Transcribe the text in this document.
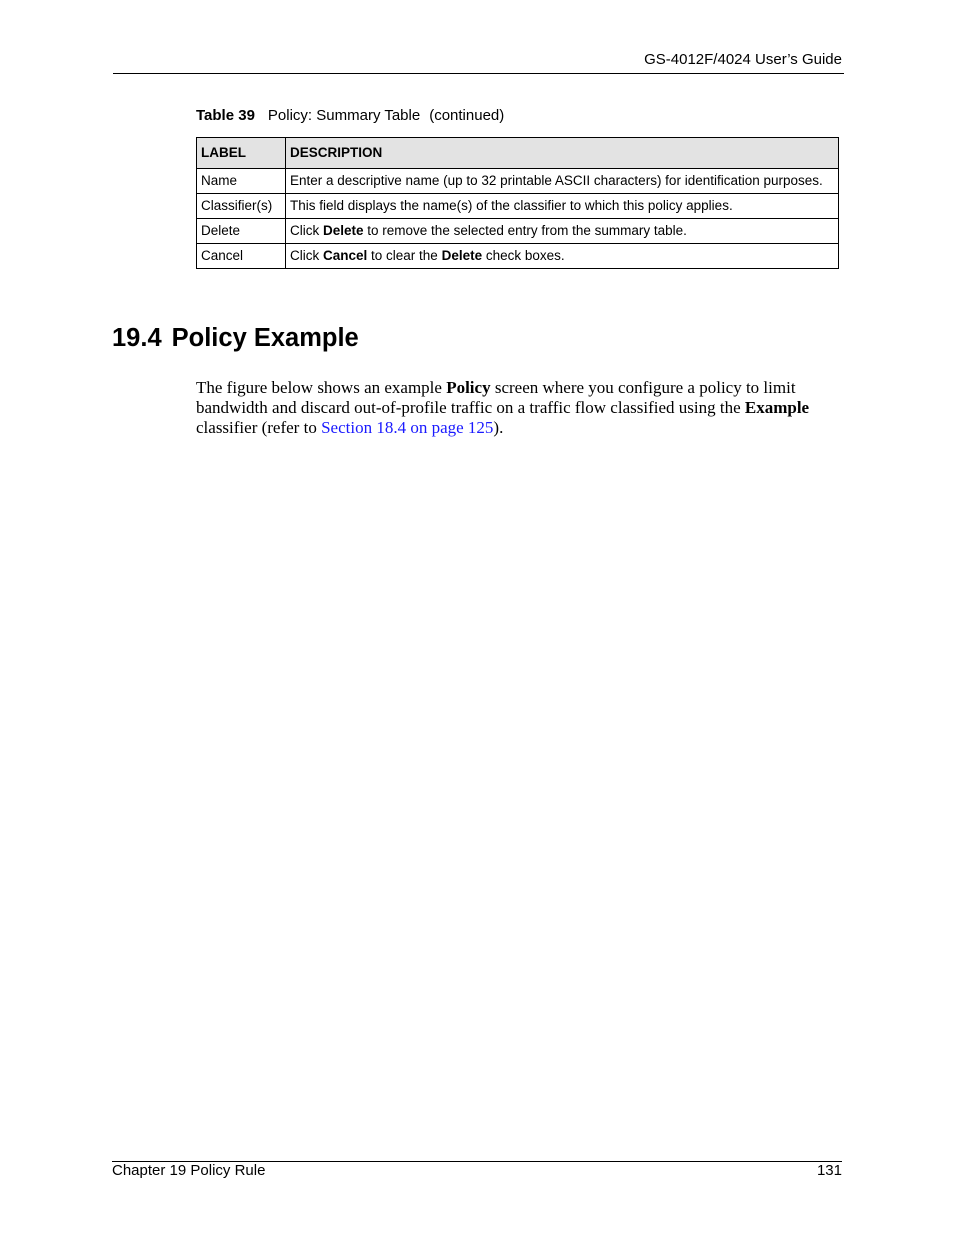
GS-4012F/4024 User’s Guide
Table 39 Policy: Summary Table (continued)
LABEL	DESCRIPTION
Name	Enter a descriptive name (up to 32 printable ASCII characters) for identification purposes.
Classifier(s)	This field displays the name(s) of the classifier to which this policy applies.
Delete	Click Delete to remove the selected entry from the summary table.
Cancel	Click Cancel to clear the Delete check boxes.
19.4 Policy Example
The figure below shows an example Policy screen where you configure a policy to limit bandwidth and discard out-of-profile traffic on a traffic flow classified using the Example classifier (refer to Section 18.4 on page 125).
Chapter 19 Policy Rule	131
